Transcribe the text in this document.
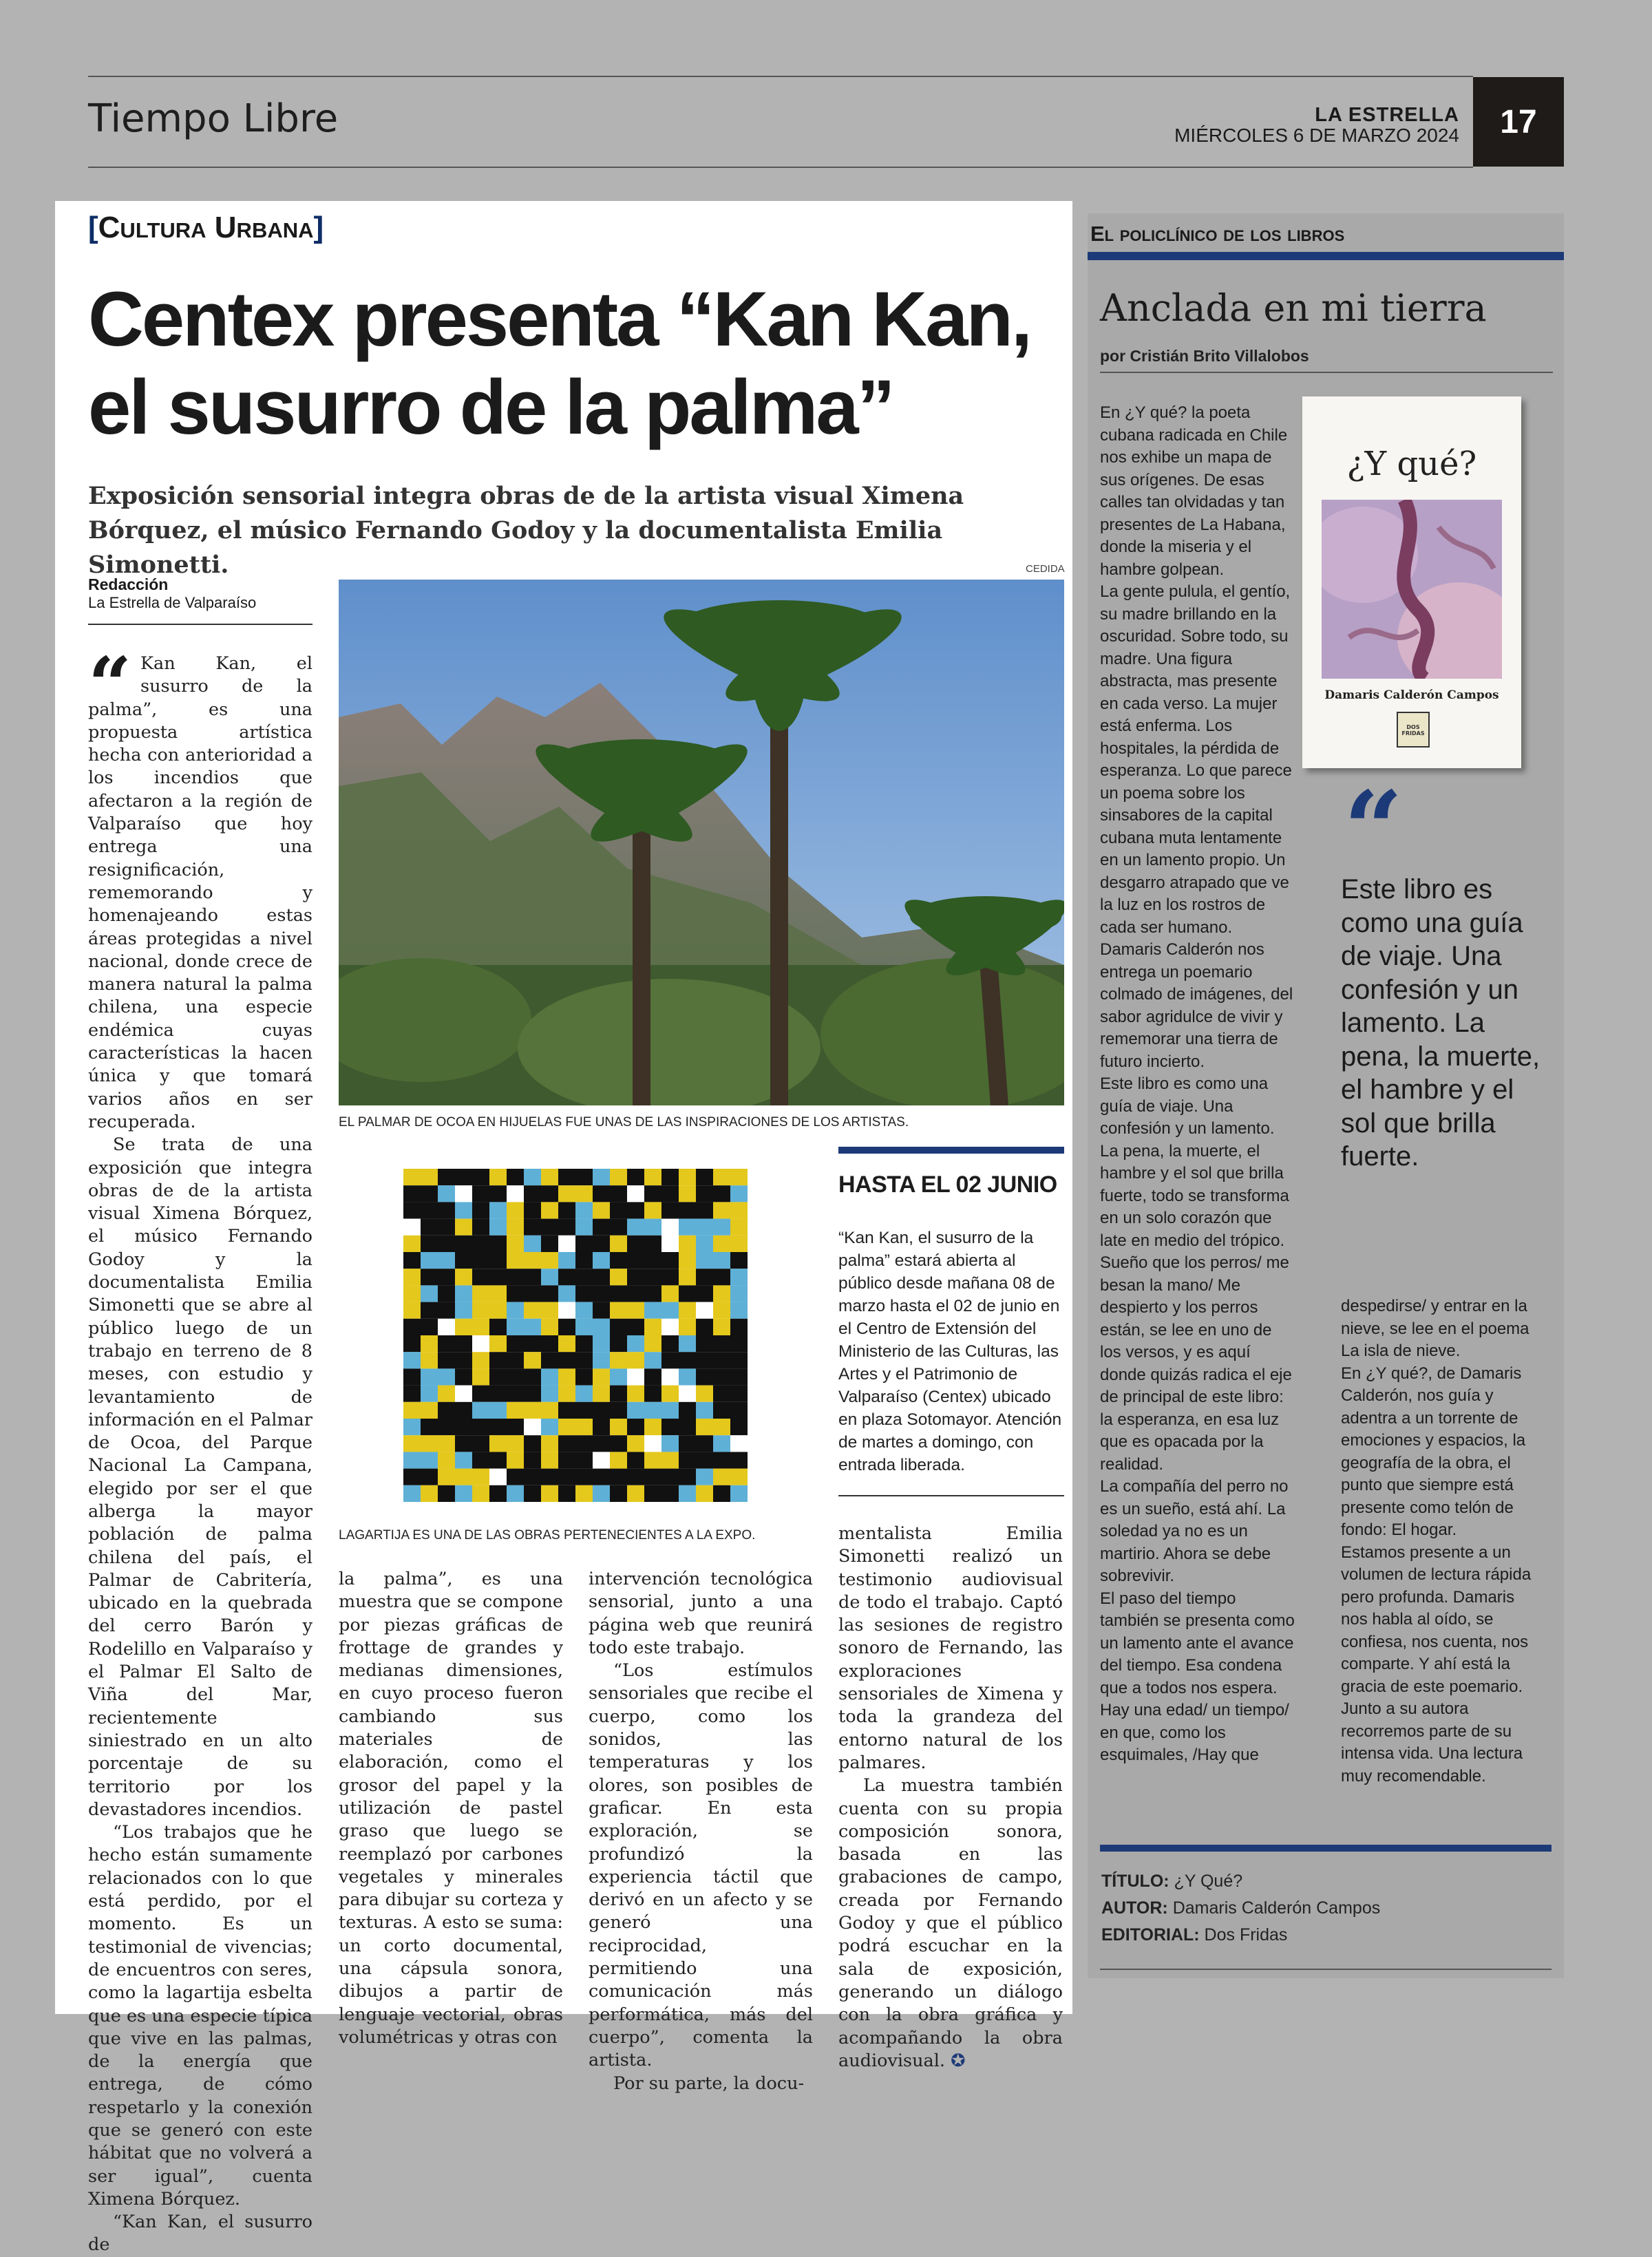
Tiempo Libre	LA ESTRELLA
MIÉRCOLES 6 DE MARZO 2024	17
[Cultura Urbana]
Centex presenta “Kan Kan,
el susurro de la palma”
Exposición sensorial integra obras de de la artista visual Ximena Bórquez, el músico Fernando Godoy y la documentalista Emilia Simonetti.
Redacción
La Estrella de Valparaíso
CEDIDA
EL PALMAR DE OCOA EN HIJUELAS FUE UNAS DE LAS INSPIRACIONES DE LOS ARTISTAS.
“ Kan Kan, el susurro de la palma”, es una propuesta artística hecha con anterioridad a los incendios que afectaron a la región de Valparaíso que hoy entrega una resignificación, rememorando y homenajeando estas áreas protegidas a nivel nacional, donde crece de manera natural la palma chilena, una especie endémica cuyas características la hacen única y que tomará varios años en ser recuperada.

Se trata de una exposición que integra obras de de la artista visual Ximena Bórquez, el músico Fernando Godoy y la documentalista Emilia Simonetti que se abre al público luego de un trabajo en terreno de 8 meses, con estudio y levantamiento de información en el Palmar de Ocoa, del Parque Nacional La Campana, elegido por ser el que alberga la mayor población de palma chilena del país, el Palmar de Cabritería, ubicado en la quebrada del cerro Barón y Rodelillo en Valparaíso y el Palmar El Salto de Viña del Mar, recientemente siniestrado en un alto porcentaje de su territorio por los devastadores incendios.

“Los trabajos que he hecho están sumamente relacionados con lo que está perdido, por el momento. Es un testimonial de vivencias; de encuentros con seres, como la lagartija esbelta que es una especie típica que vive en las palmas, de la energía que entrega, de cómo respetarlo y la conexión que se generó con este hábitat que no volverá a ser igual”, cuenta Ximena Bórquez.

“Kan Kan, el susurro de

LAGARTIJA ES UNA DE LAS OBRAS PERTENECIENTES A LA EXPO.
HASTA EL 02 JUNIO
“Kan Kan, el susurro de la palma” estará abierta al público desde mañana 08 de marzo hasta el 02 de junio en el Centro de Extensión del Ministerio de las Culturas, las Artes y el Patrimonio de Valparaíso (Centex) ubicado en plaza Sotomayor. Atención de martes a domingo, con entrada liberada.

la palma”, es una muestra que se compone por piezas gráficas de frottage de grandes y medianas dimensiones, en cuyo proceso fueron cambiando sus materiales de elaboración, como el grosor del papel y la utilización de pastel graso que luego se reemplazó por carbones vegetales y minerales para dibujar su corteza y texturas. A esto se suma: un corto documental, una cápsula sonora, dibujos a partir de lenguaje vectorial, obras volumétricas y otras con

intervención tecnológica sensorial, junto a una página web que reunirá todo este trabajo.

“Los estímulos sensoriales que recibe el cuerpo, como los sonidos, las temperaturas y los olores, son posibles de graficar. En esta exploración, se profundizó la experiencia táctil que derivó en un afecto y se generó una reciprocidad, permitiendo una comunicación más performática, más del cuerpo”, comenta la artista.

Por su parte, la docu-

mentalista Emilia Simonetti realizó un testimonio audiovisual de todo el trabajo. Captó las sesiones de registro sonoro de Fernando, las exploraciones sensoriales de Ximena y toda la grandeza del entorno natural de los palmares.

La muestra también cuenta con su propia composición sonora, basada en las grabaciones de campo, creada por Fernando Godoy y que el público podrá escuchar en la sala de exposición, generando un diálogo con la obra gráfica y acompañando la obra audiovisual. ✪

El policlínico de los libros
Anclada en mi tierra
por Cristián Brito Villalobos
En ¿Y qué? la poeta cubana radicada en Chile nos exhibe un mapa de sus orígenes. De esas calles tan olvidadas y tan presentes de La Habana, donde la miseria y el hambre golpean.
La gente pulula, el gentío, su madre brillando en la oscuridad. Sobre todo, su madre. Una figura abstracta, mas presente en cada verso. La mujer está enferma. Los hospitales, la pérdida de esperanza. Lo que parece un poema sobre los sinsabores de la capital cubana muta lentamente en un lamento propio. Un desgarro atrapado que ve la luz en los rostros de cada ser humano.
Damaris Calderón nos entrega un poemario colmado de imágenes, del sabor agridulce de vivir y rememorar una tierra de futuro incierto.
Este libro es como una guía de viaje. Una confesión y un lamento. La pena, la muerte, el hambre y el sol que brilla fuerte, todo se transforma en un solo corazón que late en medio del trópico.
Sueño que los perros/ me besan la mano/ Me despierto y los perros están, se lee en uno de los versos, y es aquí donde quizás radica el eje de principal de este libro: la esperanza, en esa luz que es opacada por la realidad.
La compañía del perro no es un sueño, está ahí. La soledad ya no es un martirio. Ahora se debe sobrevivir.
El paso del tiempo también se presenta como un lamento ante el avance del tiempo. Esa condena que a todos nos espera. Hay una edad/ un tiempo/ en que, como los esquimales, /Hay que
¿Y qué?
Damaris Calderón Campos
DOS FRIDAS
“
Este libro es como una guía de viaje. Una confesión y un lamento. La pena, la muerte, el hambre y el sol que brilla fuerte.
despedirse/ y entrar en la nieve, se lee en el poema La isla de nieve.
En ¿Y qué?, de Damaris Calderón, nos guía y adentra a un torrente de emociones y espacios, la geografía de la obra, el punto que siempre está presente como telón de fondo: El hogar.
Estamos presente a un volumen de lectura rápida pero profunda. Damaris nos habla al oído, se confiesa, nos cuenta, nos comparte. Y ahí está la gracia de este poemario.
Junto a su autora recorremos parte de su intensa vida. Una lectura muy recomendable.
TÍTULO: ¿Y Qué?
AUTOR: Damaris Calderón Campos
EDITORIAL: Dos Fridas
